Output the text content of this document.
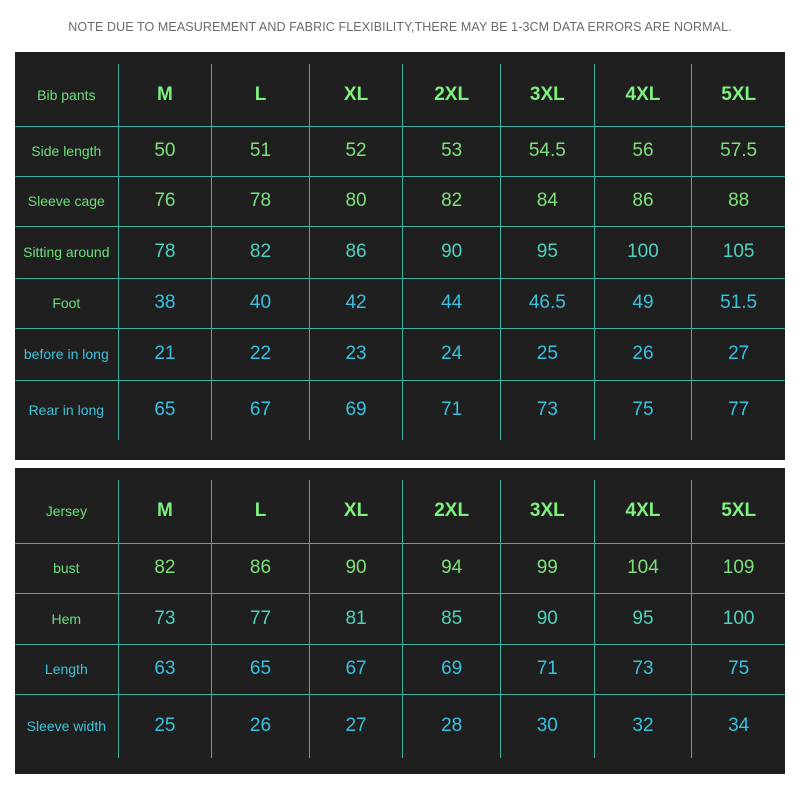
NOTE DUE TO MEASUREMENT AND FABRIC FLEXIBILITY,THERE MAY BE 1-3CM DATA ERRORS ARE NORMAL.
Bib pants	M	L	XL	2XL	3XL	4XL	5XL
Side length	50	51	52	53	54.5	56	57.5
Sleeve cage	76	78	80	82	84	86	88
Sitting around	78	82	86	90	95	100	105
Foot	38	40	42	44	46.5	49	51.5
before in long	21	22	23	24	25	26	27
Rear in long	65	67	69	71	73	75	77
Jersey	M	L	XL	2XL	3XL	4XL	5XL
bust	82	86	90	94	99	104	109
Hem	73	77	81	85	90	95	100
Length	63	65	67	69	71	73	75
Sleeve width	25	26	27	28	30	32	34
